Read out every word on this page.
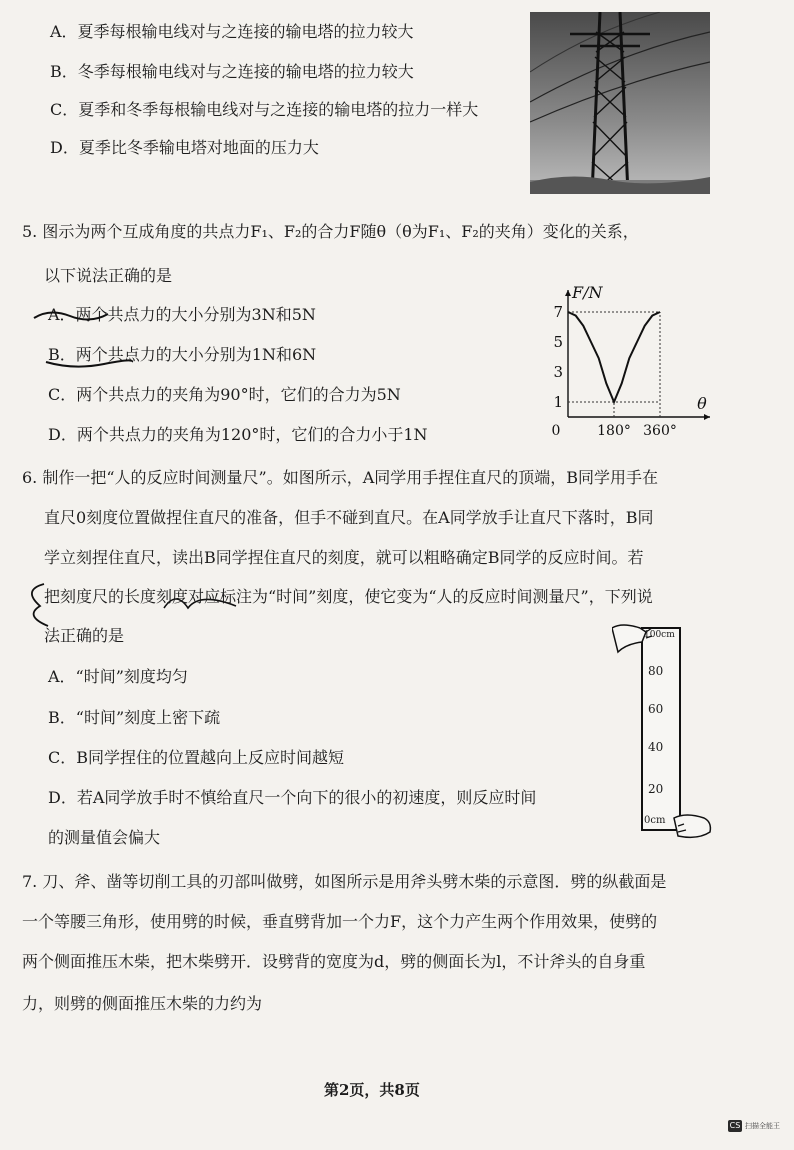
A．夏季每根输电线对与之连接的输电塔的拉力较大
B．冬季每根输电线对与之连接的输电塔的拉力较大
C．夏季和冬季每根输电线对与之连接的输电塔的拉力一样大
D．夏季比冬季输电塔对地面的压力大
5. 图示为两个互成角度的共点力F₁、F₂的合力F随θ（θ为F₁、F₂的夹角）变化的关系，
以下说法正确的是
A．两个共点力的大小分别为3N和5N
B．两个共点力的大小分别为1N和6N
C．两个共点力的夹角为90°时，它们的合力为5N
D．两个共点力的夹角为120°时，它们的合力小于1N
1
3
5
7
0	180° 360°
F/N
θ
6. 制作一把“人的反应时间测量尺”。如图所示，A同学用手捏住直尺的顶端，B同学用手在
直尺0刻度位置做捏住直尺的准备，但手不碰到直尺。在A同学放手让直尺下落时，B同
学立刻捏住直尺，读出B同学捏住直尺的刻度，就可以粗略确定B同学的反应时间。若
把刻度尺的长度刻度对应标注为“时间”刻度，使它变为“人的反应时间测量尺”，下列说
法正确的是
A．“时间”刻度均匀
B．“时间”刻度上密下疏
C．B同学捏住的位置越向上反应时间越短
D．若A同学放手时不慎给直尺一个向下的很小的初速度，则反应时间
的测量值会偏大
100cm
80
60
40
20
0cm
7. 刀、斧、凿等切削工具的刃部叫做劈，如图所示是用斧头劈木柴的示意图．劈的纵截面是
一个等腰三角形，使用劈的时候，垂直劈背加一个力F，这个力产生两个作用效果，使劈的
两个侧面推压木柴，把木柴劈开．设劈背的宽度为d，劈的侧面长为l，不计斧头的自身重
力，则劈的侧面推压木柴的力约为
第2页，共8页
CS 扫描全能王
